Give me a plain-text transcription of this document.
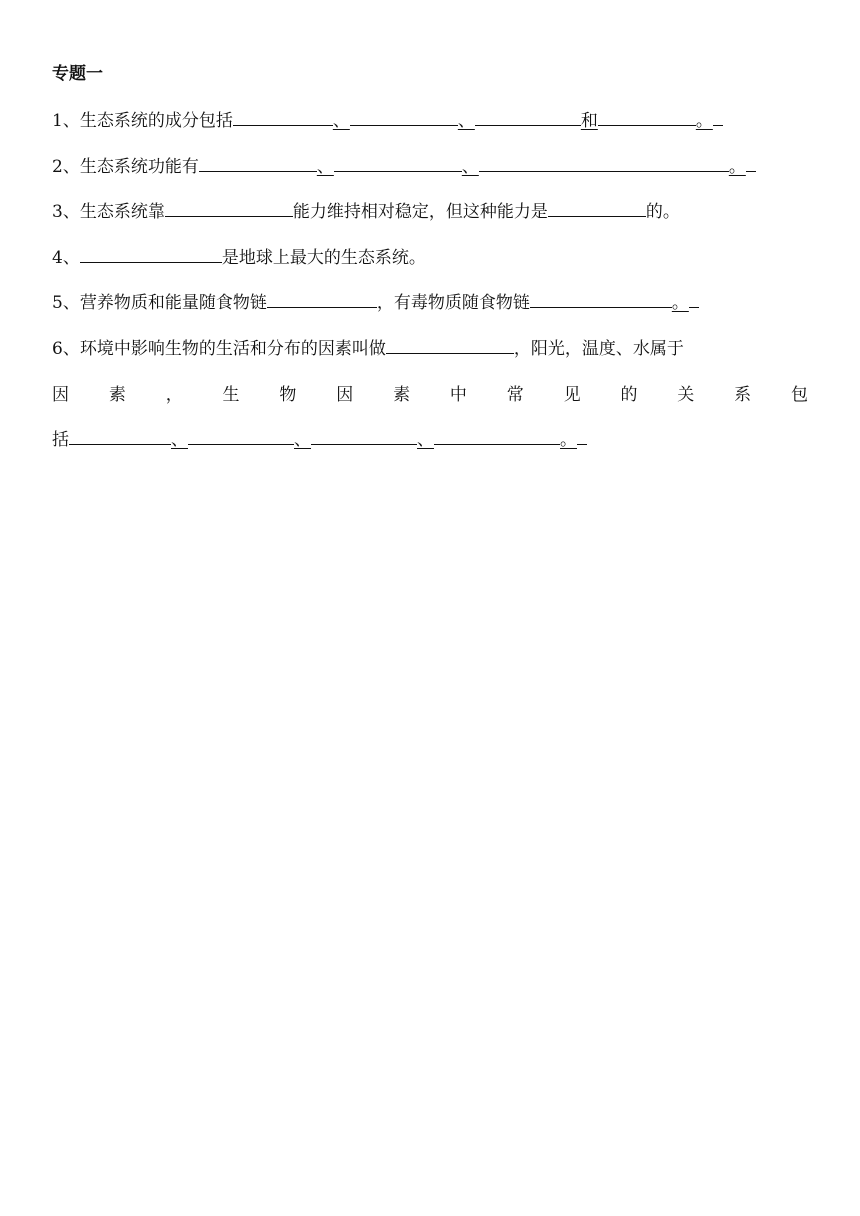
专题一
1、生态系统的成分包括	、	、	和	。
2、生态系统功能有	、	、	。
3、生态系统靠	能力维持相对稳定，但这种能力是	的。
4、	是地球上最大的生态系统。
5、营养物质和能量随食物链	，有毒物质随食物链	。
6、环境中影响生物的生活和分布的因素叫做	，阳光，温度、水属于
因 素 ， 生 物 因 素 中 常 见 的 关 系 包
括	、	、	、	。
